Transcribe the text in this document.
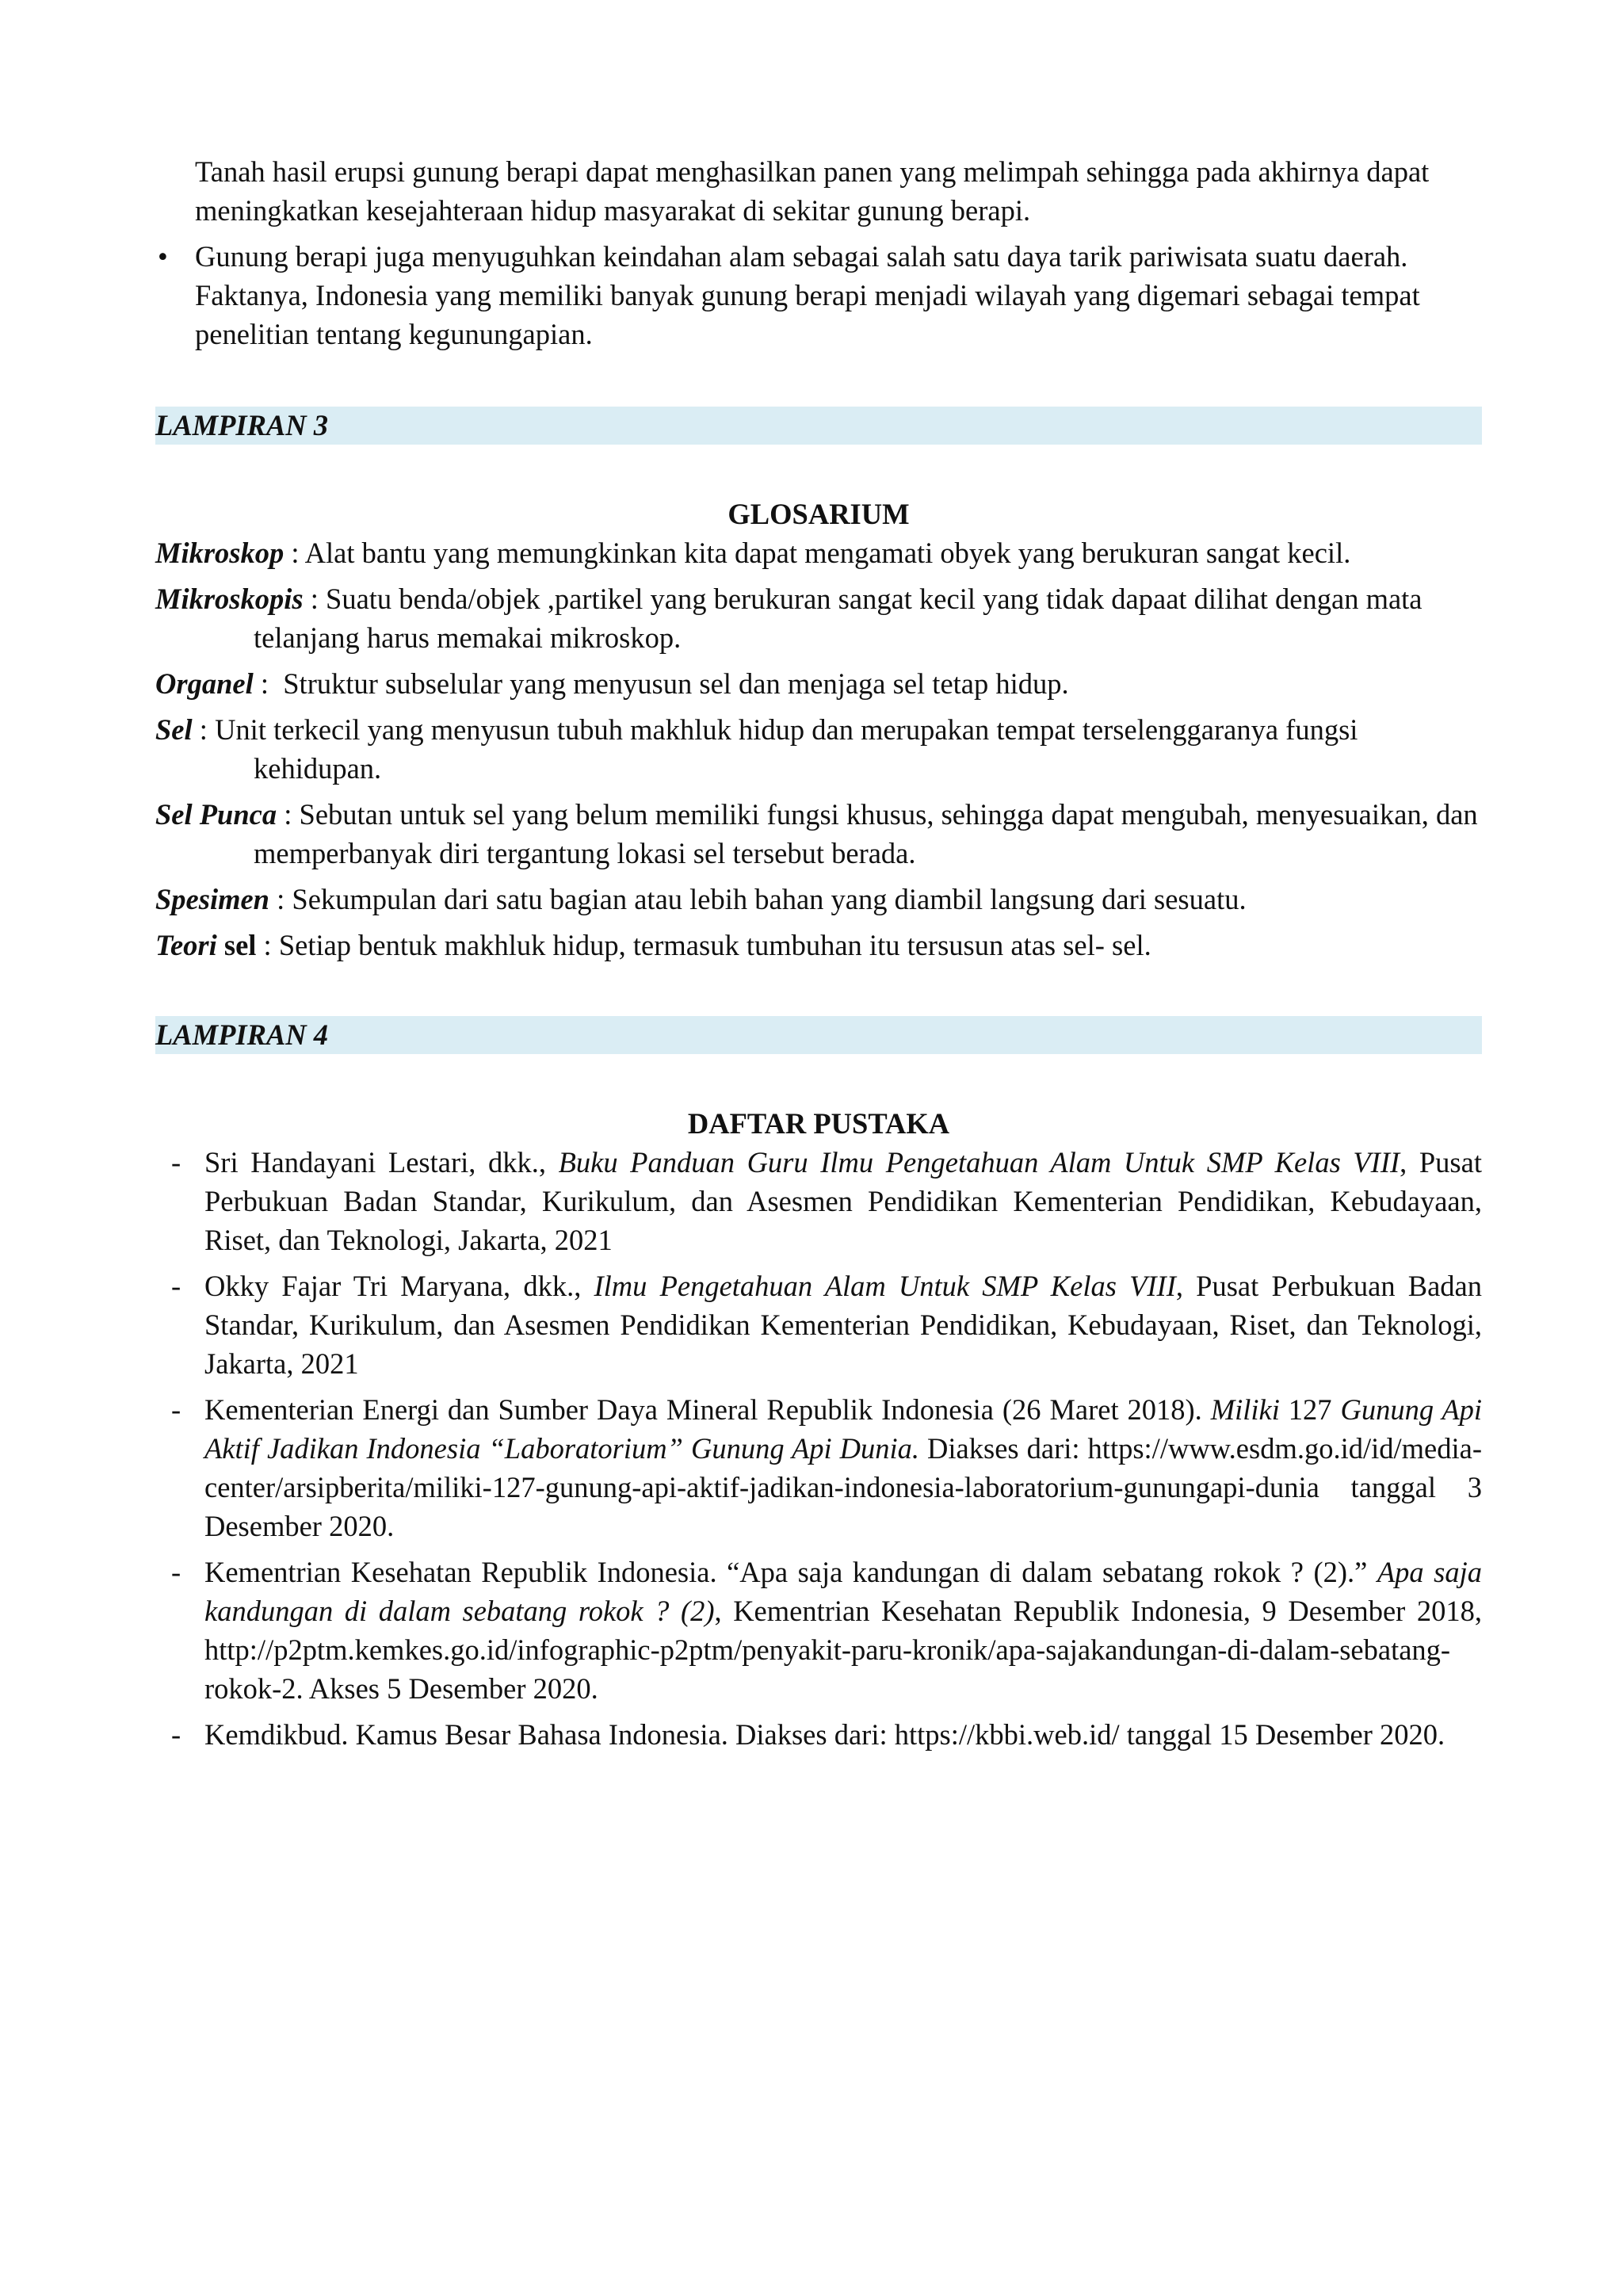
Tanah hasil erupsi gunung berapi dapat menghasilkan panen yang melimpah sehingga pada akhirnya dapat meningkatkan kesejahteraan hidup masyarakat di sekitar gunung berapi.

• Gunung berapi juga menyuguhkan keindahan alam sebagai salah satu daya tarik pariwisata suatu daerah. Faktanya, Indonesia yang memiliki banyak gunung berapi menjadi wilayah yang digemari sebagai tempat penelitian tentang kegunungapian.

LAMPIRAN 3

GLOSARIUM

Mikroskop : Alat bantu yang memungkinkan kita dapat mengamati obyek yang berukuran sangat kecil.

Mikroskopis : Suatu benda/objek ,partikel yang berukuran sangat kecil yang tidak dapaat dilihat dengan mata telanjang harus memakai mikroskop.

Organel :  Struktur subselular yang menyusun sel dan menjaga sel tetap hidup.

Sel : Unit terkecil yang menyusun tubuh makhluk hidup dan merupakan tempat terselenggaranya fungsi kehidupan.

Sel Punca : Sebutan untuk sel yang belum memiliki fungsi khusus, sehingga dapat mengubah, menyesuaikan, dan memperbanyak diri tergantung lokasi sel tersebut berada.

Spesimen : Sekumpulan dari satu bagian atau lebih bahan yang diambil langsung dari sesuatu.

Teori sel : Setiap bentuk makhluk hidup, termasuk tumbuhan itu tersusun atas sel- sel.

LAMPIRAN 4

DAFTAR PUSTAKA

- Sri Handayani Lestari, dkk., Buku Panduan Guru Ilmu Pengetahuan Alam Untuk SMP Kelas VIII, Pusat Perbukuan Badan Standar, Kurikulum, dan Asesmen Pendidikan Kementerian Pendidikan, Kebudayaan, Riset, dan Teknologi, Jakarta, 2021

- Okky Fajar Tri Maryana, dkk., Ilmu Pengetahuan Alam Untuk SMP Kelas VIII, Pusat Perbukuan Badan Standar, Kurikulum, dan Asesmen Pendidikan Kementerian Pendidikan, Kebudayaan, Riset, dan Teknologi, Jakarta, 2021

- Kementerian Energi dan Sumber Daya Mineral Republik Indonesia (26 Maret 2018). Miliki 127 Gunung Api Aktif Jadikan Indonesia “Laboratorium” Gunung Api Dunia. Diakses dari: https://www.esdm.go.id/id/media-center/arsipberita/miliki-127-gunung-api-aktif-jadikan-indonesia-laboratorium-gunungapi-dunia tanggal 3 Desember 2020.

- Kementrian Kesehatan Republik Indonesia. “Apa saja kandungan di dalam sebatang rokok ? (2).” Apa saja kandungan di dalam sebatang rokok ? (2), Kementrian Kesehatan Republik Indonesia, 9 Desember 2018, http://p2ptm.kemkes.go.id/infographic-p2ptm/penyakit-paru-kronik/apa-sajakandungan-di-dalam-sebatang-rokok-2. Akses 5 Desember 2020.

- Kemdikbud. Kamus Besar Bahasa Indonesia. Diakses dari: https://kbbi.web.id/ tanggal 15 Desember 2020.
